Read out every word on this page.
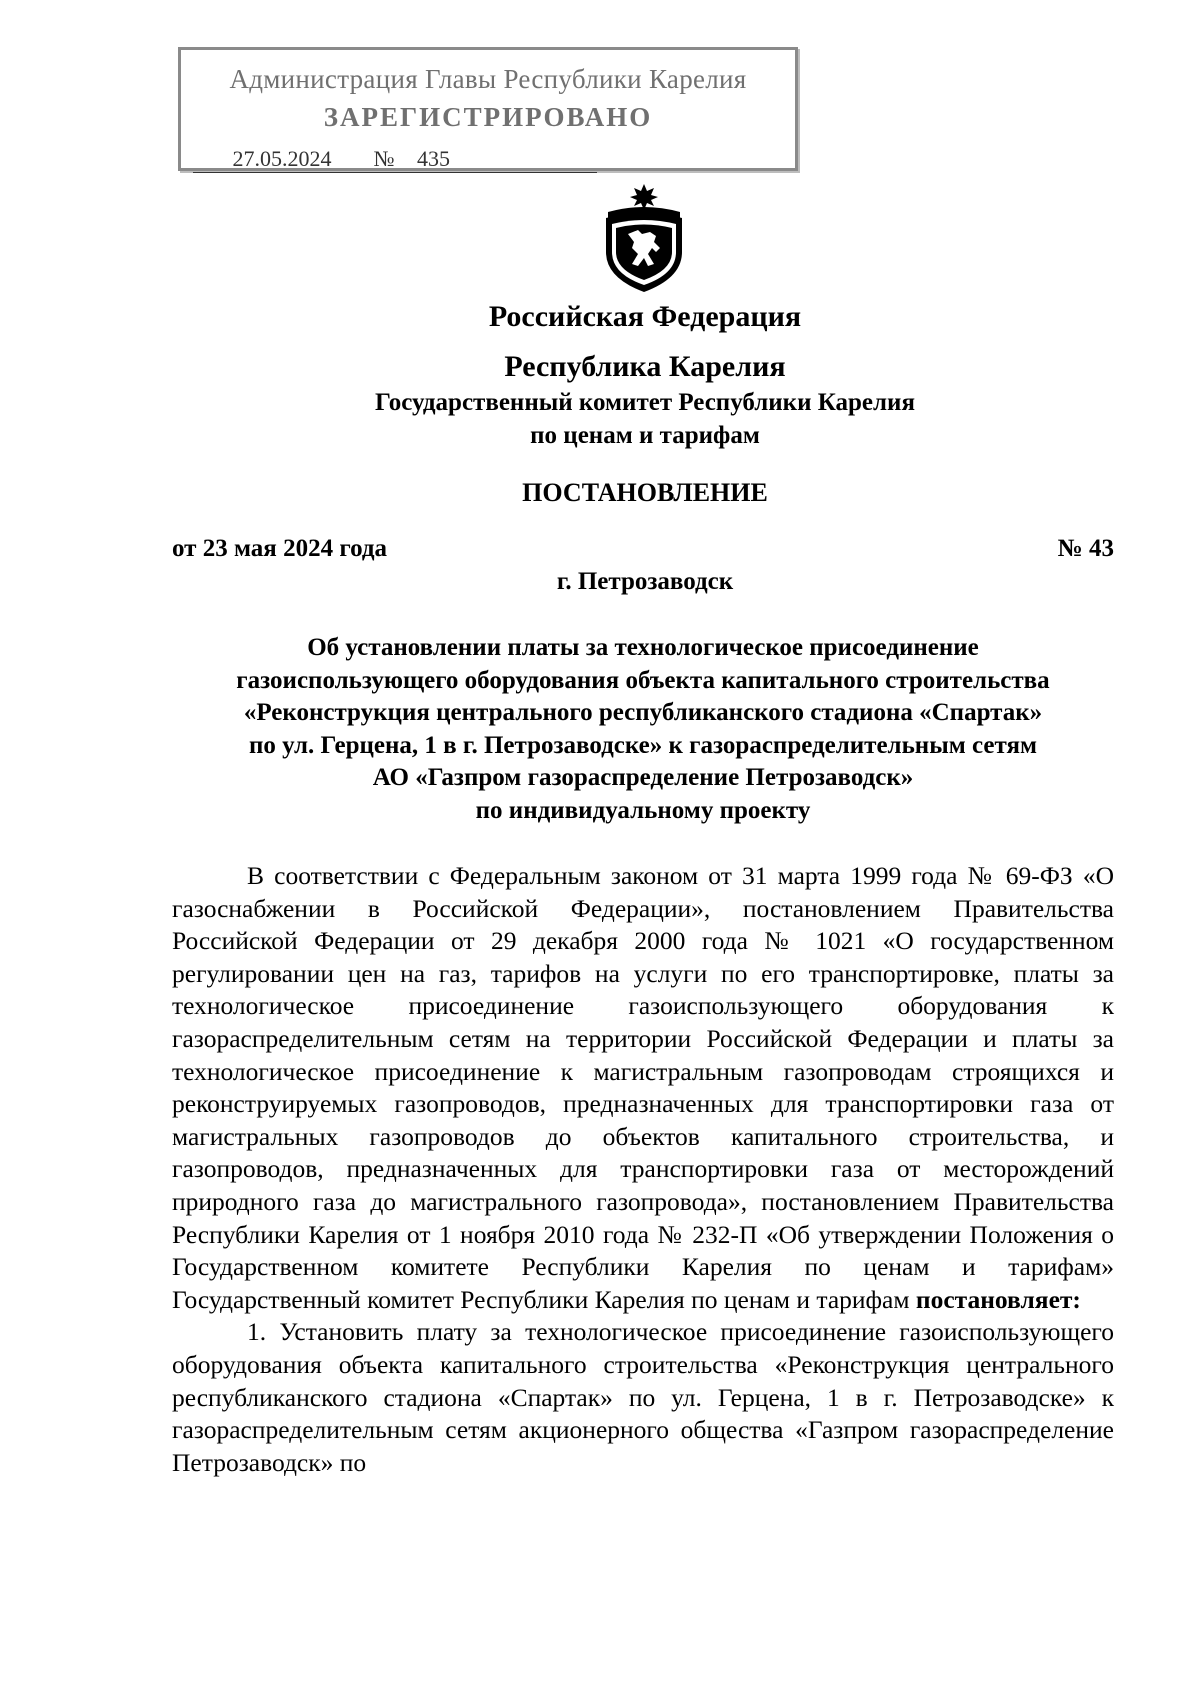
Администрация Главы Республики Карелия
ЗАРЕГИСТРИРОВАНО
27.05.2024 № 435
Российская Федерация
Республика Карелия
Государственный комитет Республики Карелия
по ценам и тарифам
ПОСТАНОВЛЕНИЕ
от 23 мая 2024 года	№ 43
г. Петрозаводск
Об установлении платы за технологическое присоединение
газоиспользующего оборудования объекта капитального строительства
«Реконструкция центрального республиканского стадиона «Спартак»
по ул. Герцена, 1 в г. Петрозаводске» к газораспределительным сетям
АО «Газпром газораспределение Петрозаводск»
по индивидуальному проекту

В соответствии с Федеральным законом от 31 марта 1999 года № 69-ФЗ «О газоснабжении в Российской Федерации», постановлением Правительства Российской Федерации от 29 декабря 2000 года № 1021 «О государственном регулировании цен на газ, тарифов на услуги по его транспортировке, платы за технологическое присоединение газоиспользующего оборудования к газораспределительным сетям на территории Российской Федерации и платы за технологическое присоединение к магистральным газопроводам строящихся и реконструируемых газопроводов, предназначенных для транспортировки газа от магистральных газопроводов до объектов капитального строительства, и газопроводов, предназначенных для транспортировки газа от месторождений природного газа до магистрального газопровода», постановлением Правительства Республики Карелия от 1 ноября 2010 года № 232-П «Об утверждении Положения о Государственном комитете Республики Карелия по ценам и тарифам» Государственный комитет Республики Карелия по ценам и тарифам постановляет:

1. Установить плату за технологическое присоединение газоиспользующего оборудования объекта капитального строительства «Реконструкция центрального республиканского стадиона «Спартак» по ул. Герцена, 1 в г. Петрозаводске» к газораспределительным сетям акционерного общества «Газпром газораспределение Петрозаводск» по
